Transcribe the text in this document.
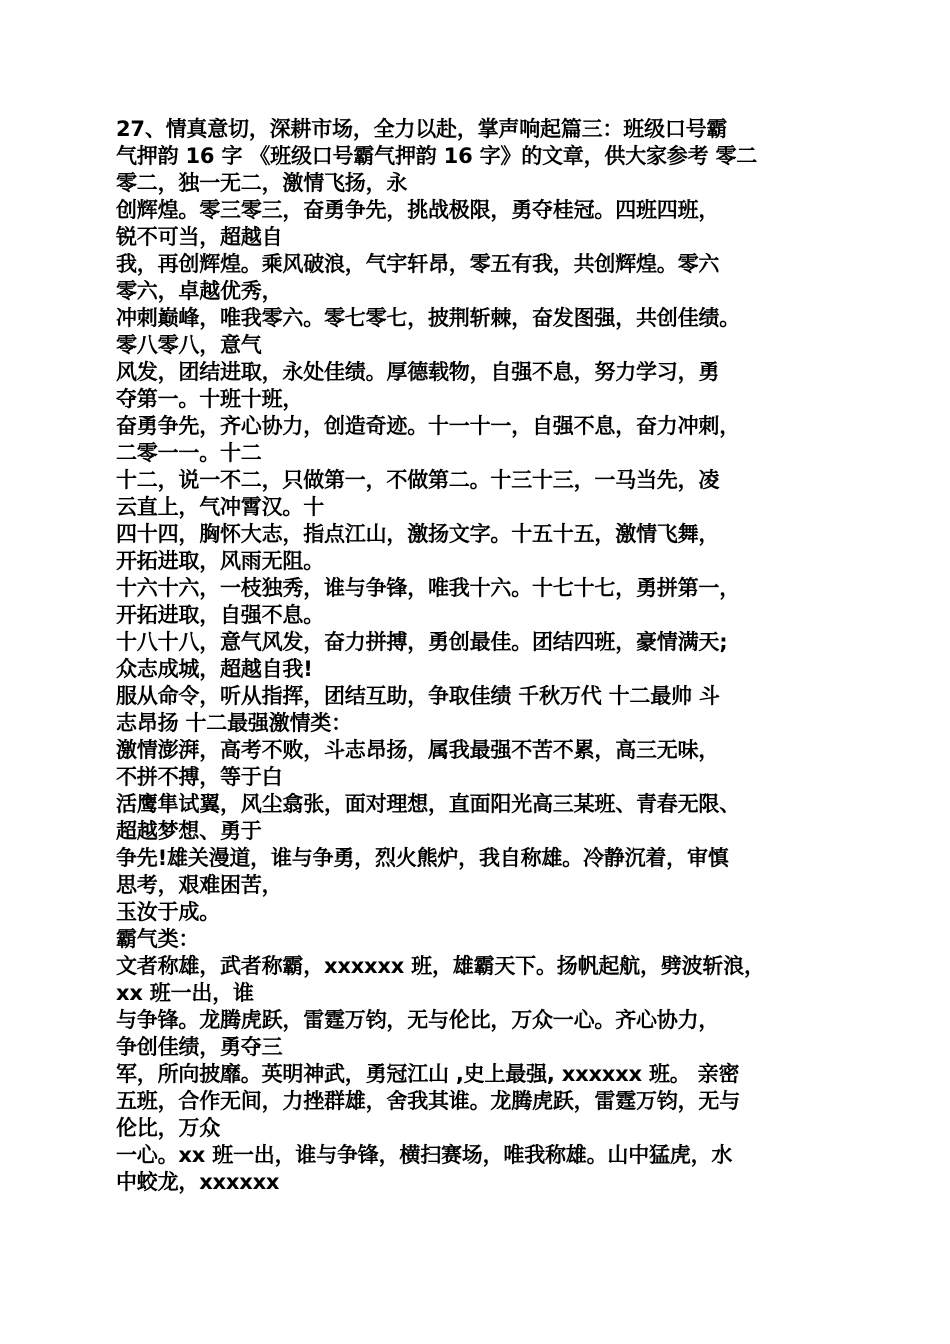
27、情真意切，深耕市场，全力以赴，掌声响起篇三：班级口号霸
气押韵 16 字 《班级口号霸气押韵 16 字》的文章，供大家参考 零二
零二，独一无二，激情飞扬，永
创辉煌。零三零三，奋勇争先，挑战极限，勇夺桂冠。四班四班，
锐不可当，超越自
我，再创辉煌。乘风破浪，气宇轩昂，零五有我，共创辉煌。零六
零六，卓越优秀，
冲刺巅峰，唯我零六。零七零七，披荆斩棘，奋发图强，共创佳绩。
零八零八，意气
风发，团结进取，永处佳绩。厚德载物，自强不息，努力学习，勇
夺第一。十班十班，
奋勇争先，齐心协力，创造奇迹。十一十一，自强不息，奋力冲刺，
二零一一。十二
十二，说一不二，只做第一，不做第二。十三十三，一马当先，凌
云直上，气冲霄汉。十
四十四，胸怀大志，指点江山，激扬文字。十五十五，激情飞舞，
开拓进取，风雨无阻。
十六十六，一枝独秀，谁与争锋，唯我十六。十七十七，勇拼第一，
开拓进取，自强不息。
十八十八，意气风发，奋力拼搏，勇创最佳。团结四班，豪情满天;
众志成城，超越自我!
服从命令，听从指挥，团结互助，争取佳绩 千秋万代 十二最帅 斗
志昂扬 十二最强激情类：
激情澎湃，高考不败，斗志昂扬，属我最强不苦不累，高三无味，
不拼不搏，等于白
活鹰隼试翼，风尘翕张，面对理想，直面阳光高三某班、青春无限、
超越梦想、勇于
争先!雄关漫道，谁与争勇，烈火熊炉，我自称雄。冷静沉着，审慎
思考，艰难困苦，
玉汝于成。
霸气类：
文者称雄，武者称霸，xxxxxx 班，雄霸天下。扬帆起航，劈波斩浪，
xx 班一出，谁
与争锋。龙腾虎跃，雷霆万钧，无与伦比，万众一心。齐心协力，
争创佳绩，勇夺三
军，所向披靡。英明神武，勇冠江山 ,史上最强, xxxxxx 班。 亲密
五班，合作无间，力挫群雄，舍我其谁。龙腾虎跃，雷霆万钧，无与
伦比，万众
一心。xx 班一出，谁与争锋，横扫赛场，唯我称雄。山中猛虎，水
中蛟龙，xxxxxx
